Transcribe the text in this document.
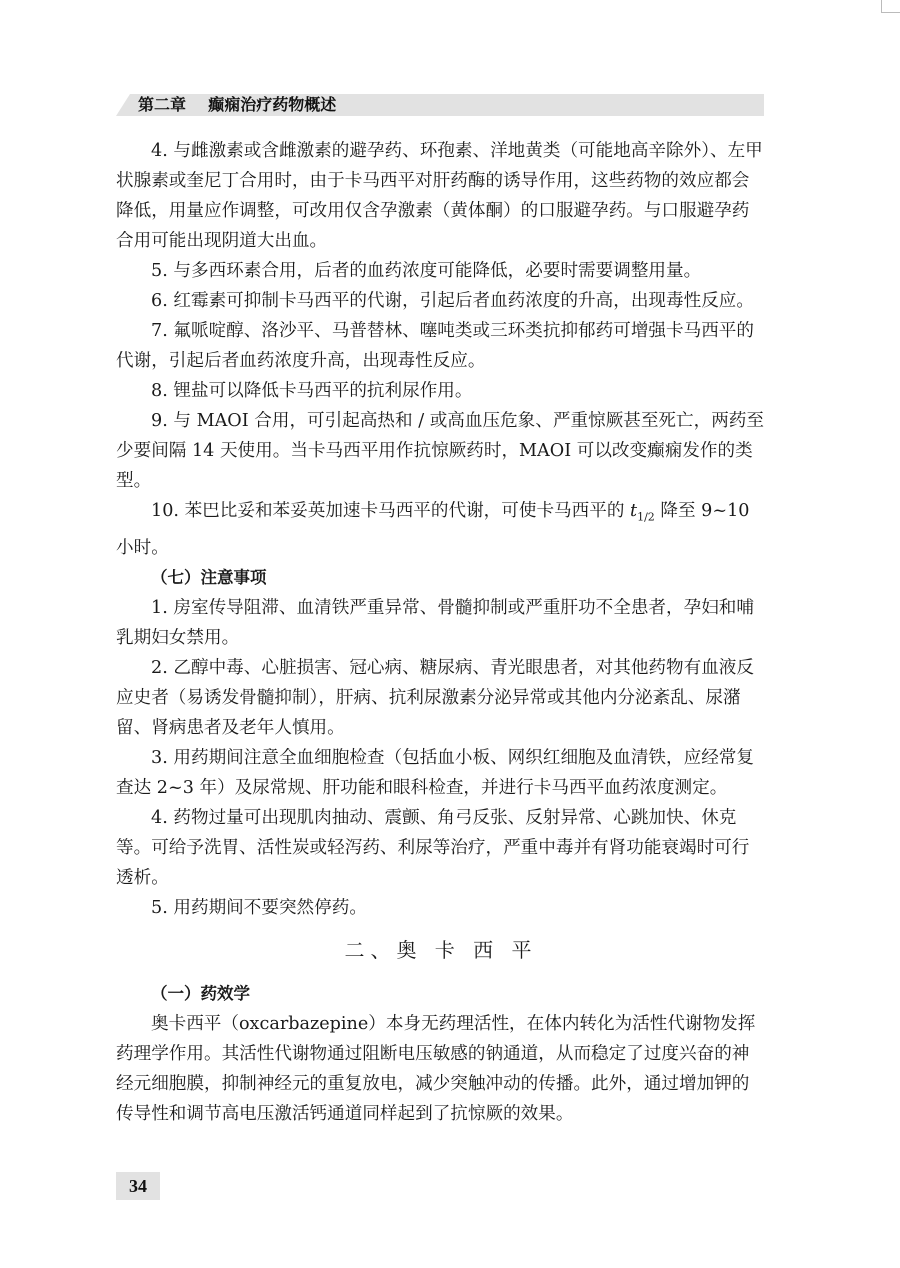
第二章 癫痫治疗药物概述

4. 与雌激素或含雌激素的避孕药、环孢素、洋地黄类（可能地高辛除外）、左甲状腺素或奎尼丁合用时，由于卡马西平对肝药酶的诱导作用，这些药物的效应都会降低，用量应作调整，可改用仅含孕激素（黄体酮）的口服避孕药。与口服避孕药合用可能出现阴道大出血。

5. 与多西环素合用，后者的血药浓度可能降低，必要时需要调整用量。

6. 红霉素可抑制卡马西平的代谢，引起后者血药浓度的升高，出现毒性反应。

7. 氟哌啶醇、洛沙平、马普替林、噻吨类或三环类抗抑郁药可增强卡马西平的代谢，引起后者血药浓度升高，出现毒性反应。

8. 锂盐可以降低卡马西平的抗利尿作用。

9. 与 MAOI 合用，可引起高热和 / 或高血压危象、严重惊厥甚至死亡，两药至少要间隔 14 天使用。当卡马西平用作抗惊厥药时，MAOI 可以改变癫痫发作的类型。

10. 苯巴比妥和苯妥英加速卡马西平的代谢，可使卡马西平的 $t_{1/2}$ 降至 9~10 小时。

（七）注意事项

1. 房室传导阻滞、血清铁严重异常、骨髓抑制或严重肝功不全患者，孕妇和哺乳期妇女禁用。

2. 乙醇中毒、心脏损害、冠心病、糖尿病、青光眼患者，对其他药物有血液反应史者（易诱发骨髓抑制），肝病、抗利尿激素分泌异常或其他内分泌紊乱、尿潴留、肾病患者及老年人慎用。

3. 用药期间注意全血细胞检查（包括血小板、网织红细胞及血清铁，应经常复查达 2~3 年）及尿常规、肝功能和眼科检查，并进行卡马西平血药浓度测定。

4. 药物过量可出现肌肉抽动、震颤、角弓反张、反射异常、心跳加快、休克等。可给予洗胃、活性炭或轻泻药、利尿等治疗，严重中毒并有肾功能衰竭时可行透析。

5. 用药期间不要突然停药。

二、奥 卡 西 平

（一）药效学

奥卡西平（oxcarbazepine）本身无药理活性，在体内转化为活性代谢物发挥药理学作用。其活性代谢物通过阻断电压敏感的钠通道，从而稳定了过度兴奋的神经元细胞膜，抑制神经元的重复放电，减少突触冲动的传播。此外，通过增加钾的传导性和调节高电压激活钙通道同样起到了抗惊厥的效果。

34
